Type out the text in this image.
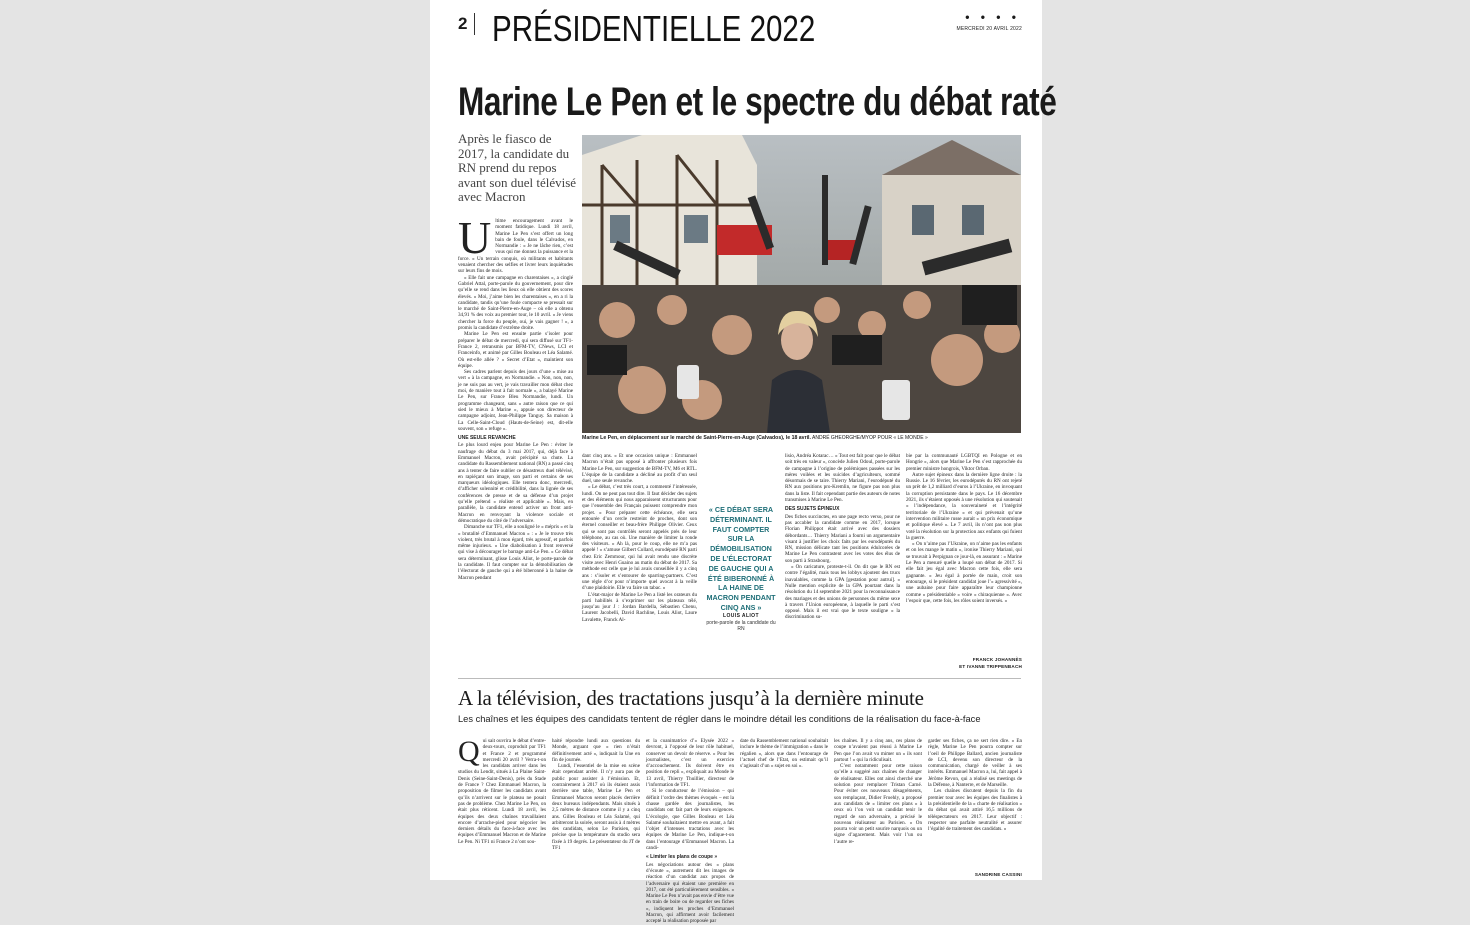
2 PRÉSIDENTIELLE 2022	• • • •
MERCREDI 20 AVRIL 2022
Marine Le Pen et le spectre du débat raté
Après le fiasco de 2017, la candidate du RN prend du repos avant son duel télévisé avec Macron
Marine Le Pen, en déplacement sur le marché de Saint-Pierre-en-Auge (Calvados), le 18 avril. ANDRÉ GHEORGHE/MYOP POUR « LE MONDE »
U ltime encouragement avant le moment fatidique. Lundi 18 avril, Marine Le Pen s’est offert un long bain de foule, dans le Calvados, en Normandie : « Je ne lâche rien, c’est vous qui me donnez la puissance et la force. » Un terrain conquis, où militants et habitants venaient chercher des selfies et livrer leurs inquiétudes sur leurs fins de mois.

« Elle fait une campagne en charentaises », a cinglé Gabriel Attal, porte-parole du gouvernement, pour dire qu’elle se rend dans les lieux où elle obtient des scores élevés. « Moi, j’aime bien les charentaises », en a ri la candidate, tandis qu’une foule compacte se pressait sur le marché de Saint-Pierre-en-Auge – où elle a obtenu 34,91 % des voix au premier tour, le 10 avril. « Je viens chercher la force du peuple, oui, je vais gagner ! », a promis la candidate d’extrême droite.

Marine Le Pen est ensuite partie s’isoler pour préparer le débat de mercredi, qui sera diffusé sur TF1-France 2, retransmis par BFM-TV, CNews, LCI et Franceinfo, et animé par Gilles Bouleau et Léa Salamé. Où est-elle allée ? « Secret d’Etat », maintient son équipe.

Ses cadres parlent depuis des jours d’une « mise au vert » à la campagne, en Normandie. « Non, non, non, je ne suis pas au vert, je vais travailler mon débat chez moi, de manière tout à fait normale », a balayé Marine Le Pen, sur France Bleu Normandie, lundi. Un programme changeant, sans « autre raison que ce qui sied le mieux à Marine », appuie son directeur de campagne adjoint, Jean-Philippe Tanguy. Sa maison à La Celle-Saint-Cloud (Hauts-de-Seine) est, dit-elle souvent, son « refuge ».

UNE SEULE REVANCHE

Le plus lourd enjeu pour Marine Le Pen : éviter le naufrage du débat du 3 mai 2017, qui, déjà face à Emmanuel Macron, avait précipité sa chute. La candidate du Rassemblement national (RN) a passé cinq ans à tenter de faire oublier ce désastreux duel télévisé, en rapiéçant son image, son parti et certains de ses marqueurs idéologiques. Elle tentera donc, mercredi, d’afficher solennité et crédibilité, dans la lignée de ses conférences de presse et de sa défense d’un projet qu’elle prétend « réaliste et applicable ». Mais, en parallèle, la candidate entend activer un front anti-Macron en renvoyant la violence sociale et démocratique du côté de l’adversaire.

Dimanche sur TF1, elle a souligné le « mépris » et la « brutalité d’Emmanuel Macron » : « Je le trouve très violent, très brutal à mon égard, très agressif, et parfois même injurieux. » Une diabolisation à front renversé qui vise à décourager le barrage anti-Le Pen. « Ce débat sera déterminant, glisse Louis Aliot, le porte-parole de la candidate. Il faut compter sur la démobilisation de l’électorat de gauche qui a été biberonné à la haine de Macron pendant

dant cinq ans. » Et une occasion unique : Emmanuel Macron n’était pas opposé à affronter plusieurs fois Marine Le Pen, sur suggestion de BFM-TV, M6 et RTL. L’équipe de la candidate a décliné au profit d’un seul duel, une seule revanche.

« Le débat, c’est très court, a commenté l’intéressée, lundi. On ne peut pas tout dire. Il faut décider des sujets et des éléments qui nous apparaissent structurants pour que l’ensemble des Français puissent comprendre mon projet. » Pour préparer cette échéance, elle sera entourée d’un cercle restreint de proches, dont son éternel conseiller et beau-frère Philippe Olivier. Ceux qui se sont pas contrôlés seront appelés près de leur téléphone, au cas où. Une manière de limiter la ronde des visiteurs. « Ah là, pour le coup, elle ne m’a pas appelé ! » s’amuse Gilbert Collard, eurodéputé RN parti chez Eric Zemmour, qui lui avait rendu une discrète visite avec Henri Guaino au matin du débat de 2017. Sa méthode est celle que je lui avais conseillée il y a cinq ans : s’isoler et s’entourer de sparring-partners. C’est une règle d’or pour n’importe quel avocat à la veille d’une plaidoirie. Elle va faire un tabac. »

L’état-major de Marine Le Pen a listé les orateurs du parti habilités à s’exprimer sur les plateaux télé, jusqu’au jour J : Jordan Bardella, Sébastien Chenu, Laurent Jacobelli, David Rachline, Louis Aliot, Laure Lavalette, Franck Al-

« CE DÉBAT SERA DÉTERMINANT. IL FAUT COMPTER SUR LA DÉMOBILISATION DE L’ÉLECTORAT DE GAUCHE QUI A ÉTÉ BIBERONNÉ À LA HAINE DE MACRON PENDANT CINQ ANS »
LOUIS ALIOT
porte-parole de la candidate du RN

lisio, Andréa Kotarac… « Tout est fait pour que le débat soit très en valeur », concède Julien Odoul, porte-parole de campagne à l’origine de polémiques passées sur les mères voilées et les suicides d’agriculteurs, sommé désormais de se taire. Thierry Mariani, l’eurodéputé du RN aux positions pro-Kremlin, ne figure pas non plus dans la liste. Il fait cependant partie des auteurs de notes transmises à Marine Le Pen.

DES SUJETS ÉPINEUX

Des fiches succinctes, en une page recto verso, pour ne pas accabler la candidate comme en 2017, lorsque Florian Philippot était arrivé avec des dossiers débordants… Thierry Mariani a fourni un argumentaire visant à justifier les choix faits par les eurodéputés du RN, mission délicate tant les positions édulcorées de Marine Le Pen contrastent avec les votes des élus de son parti à Strasbourg.

« On caricature, proteste-t-il. On dit que le RN est contre l’égalité, mais tous les lobbys ajoutent des trucs inavalables, comme la GPA [gestation pour autrui]. » Nulle mention explicite de la GPA pourtant dans la résolution du 14 septembre 2021 pour la reconnaissance des mariages et des unions de personnes du même sexe à travers l’Union européenne, à laquelle le parti s’est opposé. Mais il est vrai que le texte souligne « la discrimination su-

bie par la communauté LGBTQI en Pologne et en Hongrie », alors que Marine Le Pen s’est rapprochée du premier ministre hongrois, Viktor Orban.

Autre sujet épineux dans la dernière ligne droite : la Russie. Le 16 février, les eurodéputés du RN ont rejeté un prêt de 1,2 milliard d’euros à l’Ukraine, en invoquant la corruption persistante dans le pays. Le 16 décembre 2021, ils s’étaient opposés à une résolution qui soutenait « l’indépendance, la souveraineté et l’intégrité territoriale de l’Ukraine » et qui prévenait qu’une intervention militaire russe aurait « un prix économique et politique élevé ». Le 7 avril, ils n’ont pas non plus voté la résolution sur la protection aux enfants qui fuient la guerre.

« On n’aime pas l’Ukraine, on n’aime pas les enfants et on les mange le matin », ironise Thierry Mariani, qui se trouvait à Perpignan ce jour-là, en assurant : « Marine Le Pen a mesuré quelle a loupé son débat de 2017. Si elle fait jeu égal avec Macron cette fois, elle sera gagnante. » Jeu égal à portée de main, croit son entourage, si le président candidat joue l’« agressivité », une aubaine pour faire apparaître leur championne comme « présidentiable » voire « chiraquienne ». Avec l’espoir que, cette fois, les rôles soient inversés. »

FRANCK JOHANNÈS
ET IVANNE TRIPPENBACH
A la télévision, des tractations jusqu’à la dernière minute
Les chaînes et les équipes des candidats tentent de régler dans le moindre détail les conditions de la réalisation du face-à-face
Q ui sait ouvrira le débat d’entre-deux-tours, coproduit par TF1 et France 2 et programmé mercredi 20 avril ? Verra-t-on les candidats arriver dans les studios du Lendit, situés à La Plaine Saint-Denis (Seine-Saint-Denis), près du Stade de France ? Chez Emmanuel Macron, la proposition de filmer les candidats avant qu’ils n’arrivent sur le plateau ne posait pas de problème. Chez Marine Le Pen, on était plus réticent. Lundi 18 avril, les équipes des deux chaînes travaillaient encore d’arrache-pied pour négocier les derniers détails du face-à-face avec les équipes d’Emmanuel Macron et de Marine Le Pen. Ni TF1 ni France 2 n’ont sou-

haité répondre lundi aux questions du Monde, arguant que « rien n’était définitivement acté », indiquait la Une en fin de journée.

Lundi, l’essentiel de la mise en scène était cependant arrêté. Il n’y aura pas de public pour assister à l’émission. Et, contrairement à 2017 où ils étaient assis derrière une table, Marine Le Pen et Emmanuel Macron seront placés derrière deux bureaux indépendants. Mais situés à 2,5 mètres de distance comme il y a cinq ans. Gilles Bouleau et Léa Salamé, qui arbitreront la soirée, seront assis à 4 mètres des candidats, selon Le Parisien, qui précise que la température du studio sera fixée à 19 degrés. Le présentateur du JT de TF1

et la coanimatrice d’« Elysée 2022 » devront, à l’opposé de leur rôle habituel, conserver un devoir de réserve. « Pour les journalistes, c’est un exercice d’accouchement. Ils doivent être en position de repli », expliquait au Monde le 13 avril, Thierry Thuillier, directeur de l’information de TF1.

Si le conducteur de l’émission – qui définit l’ordre des thèmes évoqués – est la chasse gardée des journalistes, les candidats ont fait part de leurs exigences. L’écologie, que Gilles Bouleau et Léa Salamé souhaitaient mettre en avant, a fait l’objet d’intenses tractations avec les équipes de Marine Le Pen, indique-t-on dans l’entourage d’Emmanuel Macron. La candi-

« Limiter les plans de coupe »

Les négociations autour des « plans d’écoute », autrement dit les images de réaction d’un candidat aux propos de l’adversaire qui étaient une première en 2017, ont été particulièrement sensibles. « Marine Le Pen n’avait pas envie d’être vue en train de boire ou de regarder ses fiches », indiquent les proches d’Emmanuel Macron, qui affirment avoir facilement accepté la réalisation proposée par

date du Rassemblement national souhaitait inclure le thème de l’immigration « dans le régalien », alors que dans l’entourage de l’actuel chef de l’Etat, on estimait qu’il s’agissait d’un « sujet en soi ».

les chaînes. Il y a cinq ans, ces plans de coupe n’avaient pas réussi à Marine Le Pen que l’on avait vu mimer un « ils sont partout ! » qui la ridiculisait.

C’est notamment pour cette raison qu’elle a suggéré aux chaînes de changer de réalisateur. Elles ont ainsi cherché une solution pour remplacer Tristan Carné. Pour éviter ces nouveaux désagréments, son remplaçant, Didier Froehly, a proposé aux candidats de « limiter ces plans » à ceux où l’on voit un candidat tenir le regard de son adversaire, a précisé le nouveau réalisateur au Parisien. « On pourra voir un petit sourire narquois ou un signe d’agacement. Mais voir l’un ou l’autre re-

garder ses fiches, ça ne sert rien dire. » En règle, Marine Le Pen pourra compter sur l’oeil de Philippe Ballard, ancien journaliste de LCI, devenu son directeur de la communication, chargé de veiller à ses intérêts. Emmanuel Macron a, lui, fait appel à Jérôme Revon, qui a réalisé ses meetings de la Défense, à Nanterre, et de Marseille.

Les chaînes discutent depuis la fin du premier tour avec les équipes des finalistes à la présidentielle de la « charte de réalisation » du débat qui avait attiré 16,5 millions de téléspectateurs en 2017. Leur objectif : respecter une parfaite neutralité et assurer l’égalité de traitement des candidats. »

SANDRINE CASSINI
